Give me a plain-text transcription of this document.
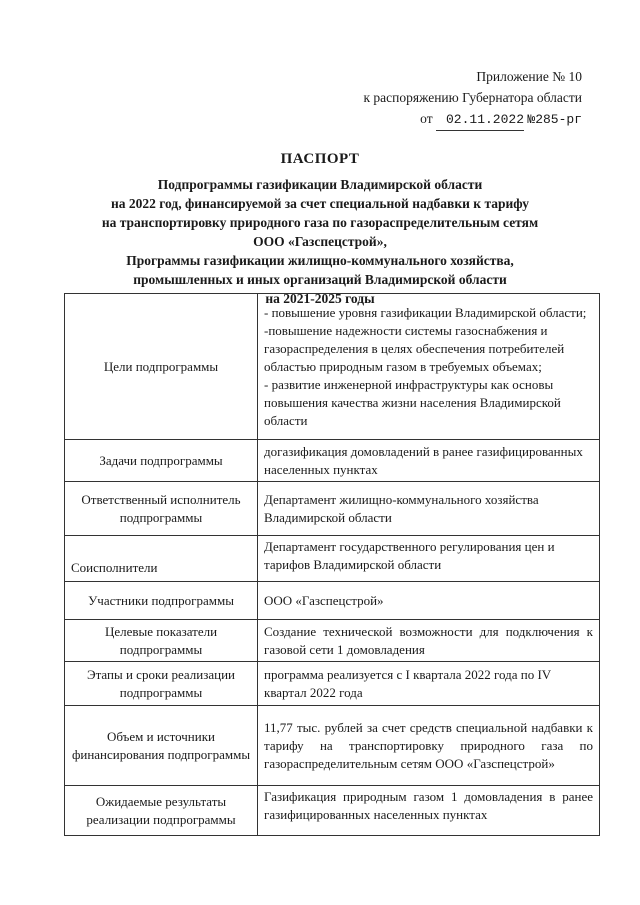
Приложение № 10
к распоряжению Губернатора области
от 02.11.2022 №285-рг
ПАСПОРТ
Подпрограммы газификации Владимирской области
на 2022 год, финансируемой за счет специальной надбавки к тарифу
на транспортировку природного газа по газораспределительным сетям
ООО «Газспецстрой»,
Программы газификации жилищно-коммунального хозяйства,
промышленных и иных организаций Владимирской области
на 2021-2025 годы
Цели подпрограммы	- повышение уровня газификации Владимирской области;
-повышение надежности системы газоснабжения и газораспределения в целях обеспечения потребителей областью природным газом в требуемых объемах;
- развитие инженерной инфраструктуры как основы повышения качества жизни населения Владимирской области

Задачи подпрограммы	догазификация домовладений в ранее газифицированных населенных пунктах
Ответственный исполнитель подпрограммы	Департамент жилищно-коммунального хозяйства Владимирской области
Соисполнители	Департамент государственного регулирования цен и тарифов Владимирской области
Участники подпрограммы	ООО «Газспецстрой»
Целевые показатели подпрограммы	Создание технической возможности для подключения к газовой сети 1 домовладения
Этапы и сроки реализации подпрограммы	программа реализуется с I квартала 2022 года по IV квартал 2022 года
Объем и источники финансирования подпрограммы	11,77 тыс. рублей за счет средств специальной надбавки к тарифу на транспортировку природного газа по газораспределительным сетям ООО «Газспецстрой»
Ожидаемые результаты реализации подпрограммы	Газификация природным газом 1 домовладения в ранее газифицированных населенных пунктах
